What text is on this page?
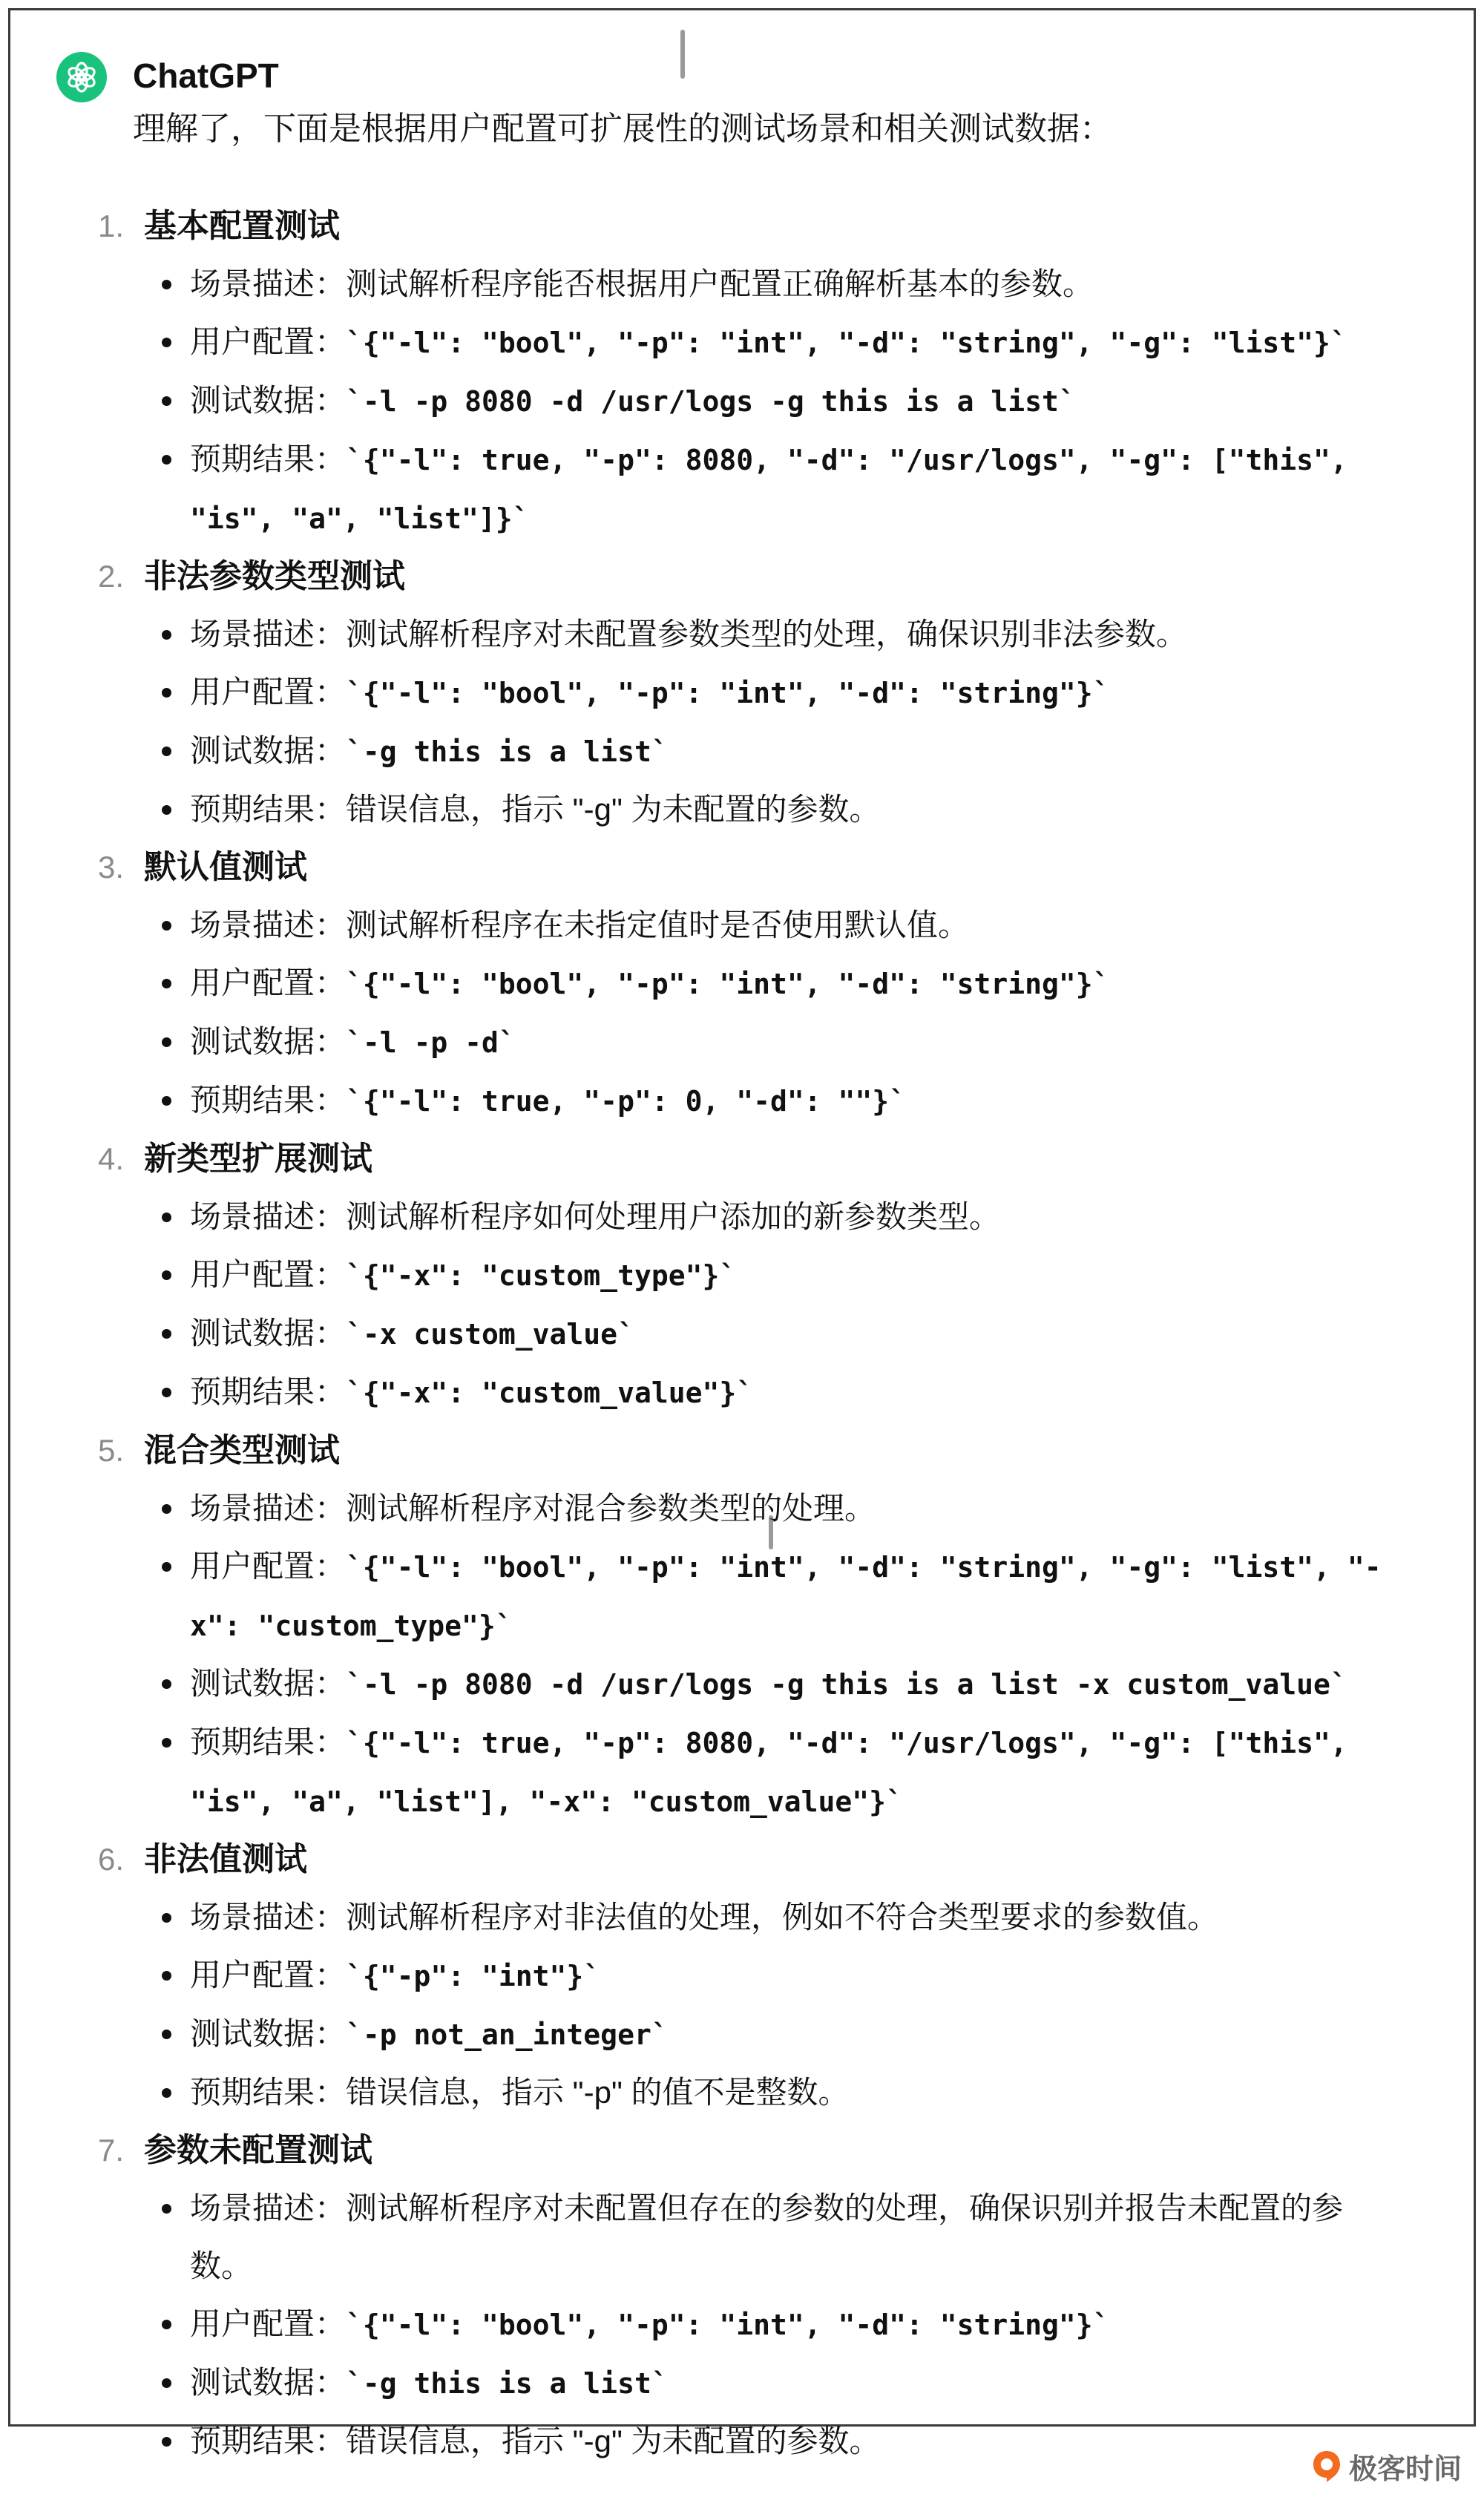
ChatGPT
理解了，下面是根据用户配置可扩展性的测试场景和相关测试数据：
1. 基本配置测试
场景描述：测试解析程序能否根据用户配置正确解析基本的参数。
用户配置：`{"-l": "bool", "-p": "int", "-d": "string", "-g": "list"}`
测试数据：`-l -p 8080 -d /usr/logs -g this is a list`
预期结果：`{"-l": true, "-p": 8080, "-d": "/usr/logs", "-g": ["this", "is", "a", "list"]}`
2. 非法参数类型测试
场景描述：测试解析程序对未配置参数类型的处理，确保识别非法参数。
用户配置：`{"-l": "bool", "-p": "int", "-d": "string"}`
测试数据：`-g this is a list`
预期结果：错误信息，指示 "-g" 为未配置的参数。
3. 默认值测试
场景描述：测试解析程序在未指定值时是否使用默认值。
用户配置：`{"-l": "bool", "-p": "int", "-d": "string"}`
测试数据：`-l -p -d`
预期结果：`{"-l": true, "-p": 0, "-d": ""}`
4. 新类型扩展测试
场景描述：测试解析程序如何处理用户添加的新参数类型。
用户配置：`{"-x": "custom_type"}`
测试数据：`-x custom_value`
预期结果：`{"-x": "custom_value"}`
5. 混合类型测试
场景描述：测试解析程序对混合参数类型的处理。
用户配置：`{"-l": "bool", "-p": "int", "-d": "string", "-g": "list", "-x": "custom_type"}`
测试数据：`-l -p 8080 -d /usr/logs -g this is a list -x custom_value`
预期结果：`{"-l": true, "-p": 8080, "-d": "/usr/logs", "-g": ["this", "is", "a", "list"], "-x": "custom_value"}`
6. 非法值测试
场景描述：测试解析程序对非法值的处理，例如不符合类型要求的参数值。
用户配置：`{"-p": "int"}`
测试数据：`-p not_an_integer`
预期结果：错误信息，指示 "-p" 的值不是整数。
7. 参数未配置测试
场景描述：测试解析程序对未配置但存在的参数的处理，确保识别并报告未配置的参数。
用户配置：`{"-l": "bool", "-p": "int", "-d": "string"}`
测试数据：`-g this is a list`
预期结果：错误信息，指示 "-g" 为未配置的参数。
极客时间
